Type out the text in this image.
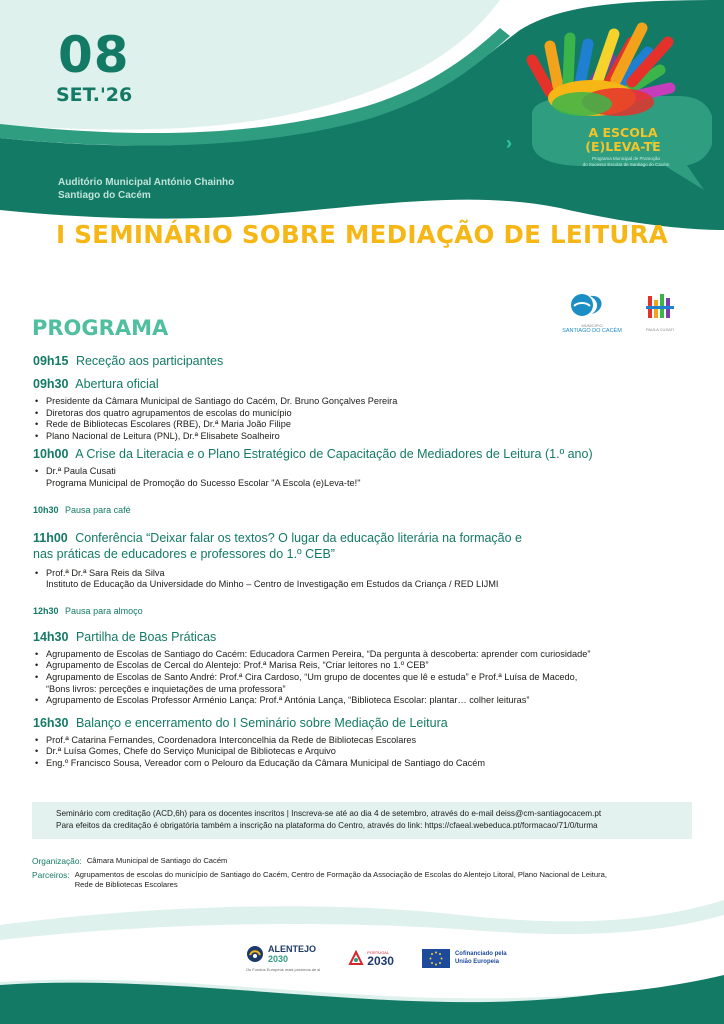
08
SET.'26
Auditório Municipal António Chainho
Santiago do Cacém
A ESCOLA
(E)LEVA-TE
Programa Municipal de Promoção
do Sucesso Escolar de Santiago do Cacém
I SEMINÁRIO SOBRE MEDIAÇÃO DE LEITURA
PROGRAMA	MUNICÍPIO
SANTIAGO DO CACÉM	PAULA CUSATI
09h15 Receção aos participantes
09h30 Abertura oficial
• Presidente da Câmara Municipal de Santiago do Cacém, Dr. Bruno Gonçalves Pereira
• Diretoras dos quatro agrupamentos de escolas do município
• Rede de Bibliotecas Escolares (RBE), Dr.ª Maria João Filipe
• Plano Nacional de Leitura (PNL), Dr.ª Elisabete Soalheiro
10h00 A Crise da Literacia e o Plano Estratégico de Capacitação de Mediadores de Leitura (1.º ano)
• Dr.ª Paula Cusati
Programa Municipal de Promoção do Sucesso Escolar "A Escola (e)Leva-te!"
10h30 Pausa para café
11h00 Conferência “Deixar falar os textos? O lugar da educação literária na formação e
nas práticas de educadores e professores do 1.º CEB”
• Prof.ª Dr.ª Sara Reis da Silva
Instituto de Educação da Universidade do Minho – Centro de Investigação em Estudos da Criança / RED LIJMI
12h30 Pausa para almoço
14h30 Partilha de Boas Práticas
• Agrupamento de Escolas de Santiago do Cacém: Educadora Carmen Pereira, “Da pergunta à descoberta: aprender com curiosidade”
• Agrupamento de Escolas de Cercal do Alentejo: Prof.ª Marisa Reis, “Criar leitores no 1.º CEB”
• Agrupamento de Escolas de Santo André: Prof.ª Cira Cardoso, “Um grupo de docentes que lê e estuda” e Prof.ª Luísa de Macedo,
“Bons livros: perceções e inquietações de uma professora”
• Agrupamento de Escolas Professor Arménio Lança: Prof.ª Antónia Lança, “Biblioteca Escolar: plantar… colher leituras”
16h30 Balanço e encerramento do I Seminário sobre Mediação de Leitura
• Prof.ª Catarina Fernandes, Coordenadora Interconcelhia da Rede de Bibliotecas Escolares
• Dr.ª Luísa Gomes, Chefe do Serviço Municipal de Bibliotecas e Arquivo
• Eng.º Francisco Sousa, Vereador com o Pelouro da Educação da Câmara Municipal de Santiago do Cacém
Seminário com creditação (ACD,6h) para os docentes inscritos | Inscreva-se até ao dia 4 de setembro, através do e-mail deiss@cm-santiagocacem.pt
Para efeitos da creditação é obrigatória também a inscrição na plataforma do Centro, através do link: https://cfaeal.webeduca.pt/formacao/71/0/turma
Organização: Câmara Municipal de Santiago do Cacém
Parceiros: Agrupamentos de escolas do município de Santiago do Cacém, Centro de Formação da Associação de Escolas do Alentejo Litoral, Plano Nacional de Leitura,
Rede de Bibliotecas Escolares
ALENTEJO
2030
Os Fundos Europeus mais próximos de si
PORTUGAL
2030	Cofinanciado pela
União Europeia
